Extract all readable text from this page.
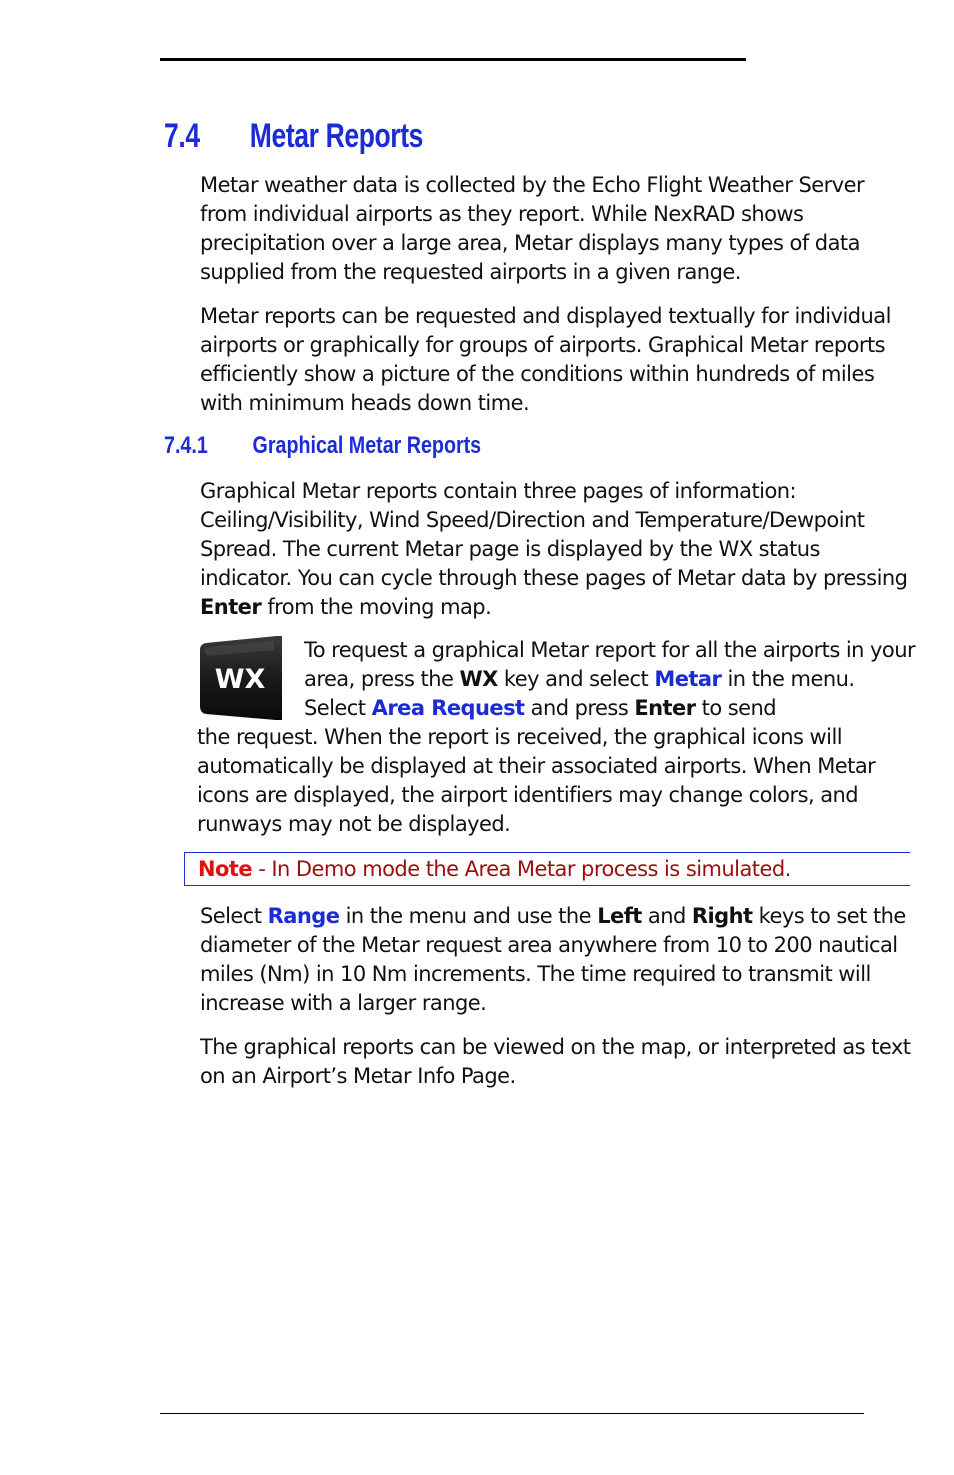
7.4 Metar Reports
Metar weather data is collected by the Echo Flight Weather Server from individual airports as they report. While NexRAD shows precipitation over a large area, Metar displays many types of data supplied from the requested airports in a given range.
Metar reports can be requested and displayed textually for individual airports or graphically for groups of airports. Graphical Metar reports efficiently show a picture of the conditions within hundreds of miles with minimum heads down time.
7.4.1 Graphical Metar Reports
Graphical Metar reports contain three pages of information: Ceiling/Visibility, Wind Speed/Direction and Temperature/Dewpoint Spread. The current Metar page is displayed by the WX status indicator. You can cycle through these pages of Metar data by pressing Enter from the moving map.
WX
To request a graphical Metar report for all the airports in your area, press the WX key and select Metar in the menu. Select Area Request and press Enter to send
the request. When the report is received, the graphical icons will automatically be displayed at their associated airports. When Metar icons are displayed, the airport identifiers may change colors, and runways may not be displayed.
Note - In Demo mode the Area Metar process is simulated.
Select Range in the menu and use the Left and Right keys to set the diameter of the Metar request area anywhere from 10 to 200 nautical miles (Nm) in 10 Nm increments. The time required to transmit will increase with a larger range.
The graphical reports can be viewed on the map, or interpreted as text on an Airport’s Metar Info Page.
